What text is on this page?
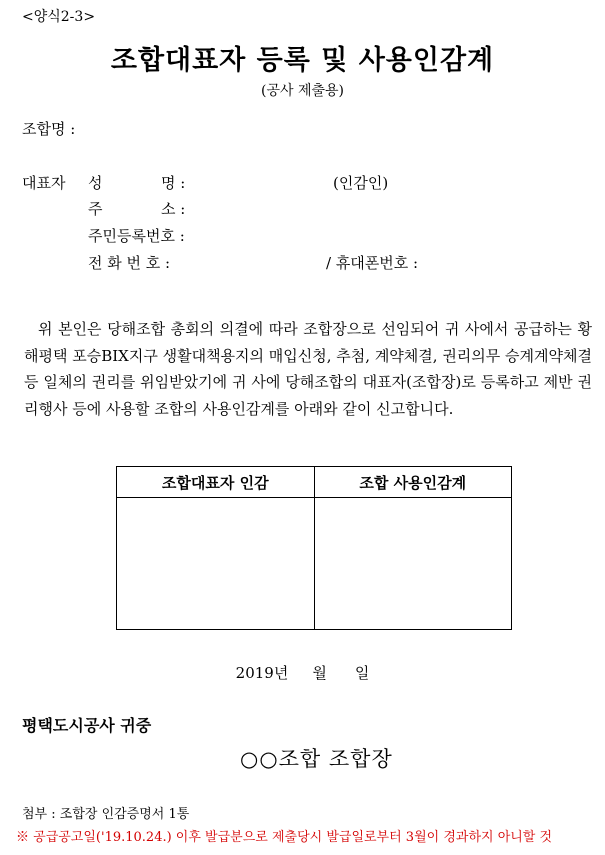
<양식2-3>
조합대표자 등록 및 사용인감계
(공사 제출용)
조합명 :
대표자 성	명 :	(인감인)
주	소 :
주민등록번호 :
전 화 번 호 :	/ 휴대폰번호 :
위 본인은 당해조합 총회의 의결에 따라 조합장으로 선임되어 귀 사에서 공급하는 황해평택 포승BIX지구 생활대책용지의 매입신청, 추첨, 계약체결, 권리의무 승계계약체결 등 일체의 권리를 위임받았기에 귀 사에 당해조합의 대표자(조합장)로 등록하고 제반 권리행사 등에 사용할 조합의 사용인감계를 아래와 같이 신고합니다.
조합대표자 인감	조합 사용인감계

2019년 월 일
평택도시공사 귀중
○○조합 조합장
첨부 : 조합장 인감증명서 1통
※ 공급공고일('19.10.24.) 이후 발급분으로 제출당시 발급일로부터 3월이 경과하지 아니할 것
